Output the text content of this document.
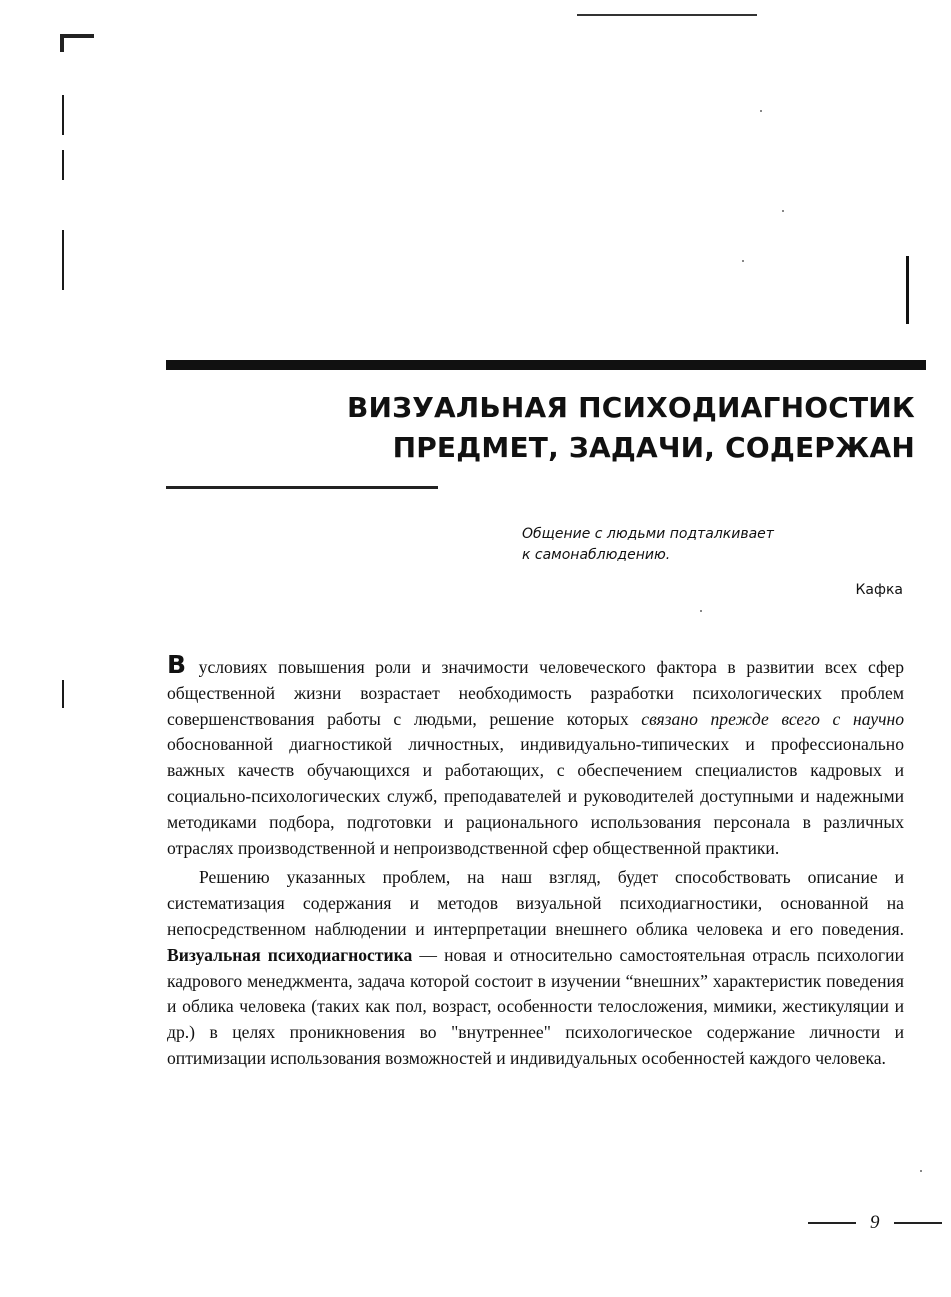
ВИЗУАЛЬНАЯ ПСИХОДИАГНОСТИК
ПРЕДМЕТ, ЗАДАЧИ, СОДЕРЖАН
Общение с людьми подталкивает
к самонаблюдению.
Кафка

В условиях повышения роли и значимости человеческого фактора в развитии всех сфер общественной жизни возрастает необходимость разработки психологических проблем совершенствования работы с людьми, решение которых связано прежде всего с научно обоснованной диагностикой личностных, индивидуально-типических и профессионально важных качеств обучающихся и работающих, с обеспечением специалистов кадровых и социально-психологических служб, преподавателей и руководителей доступными и надежными методиками подбора, подготовки и рационального использования персонала в различных отраслях производственной и непроизводственной сфер общественной практики.

Решению указанных проблем, на наш взгляд, будет способствовать описание и систематизация содержания и методов визуальной психодиагностики, основанной на непосредственном наблюдении и интерпретации внешнего облика человека и его поведения. Визуальная психодиагностика — новая и относительно самостоятельная отрасль психологии кадрового менеджмента, задача которой состоит в изучении “внешних” характеристик поведения и облика человека (таких как пол, возраст, особенности телосложения, мимики, жестикуляции и др.) в целях проникновения во "внутреннее" психологическое содержание личности и оптимизации использования возможностей и индивидуальных особенностей каждого человека.

9
